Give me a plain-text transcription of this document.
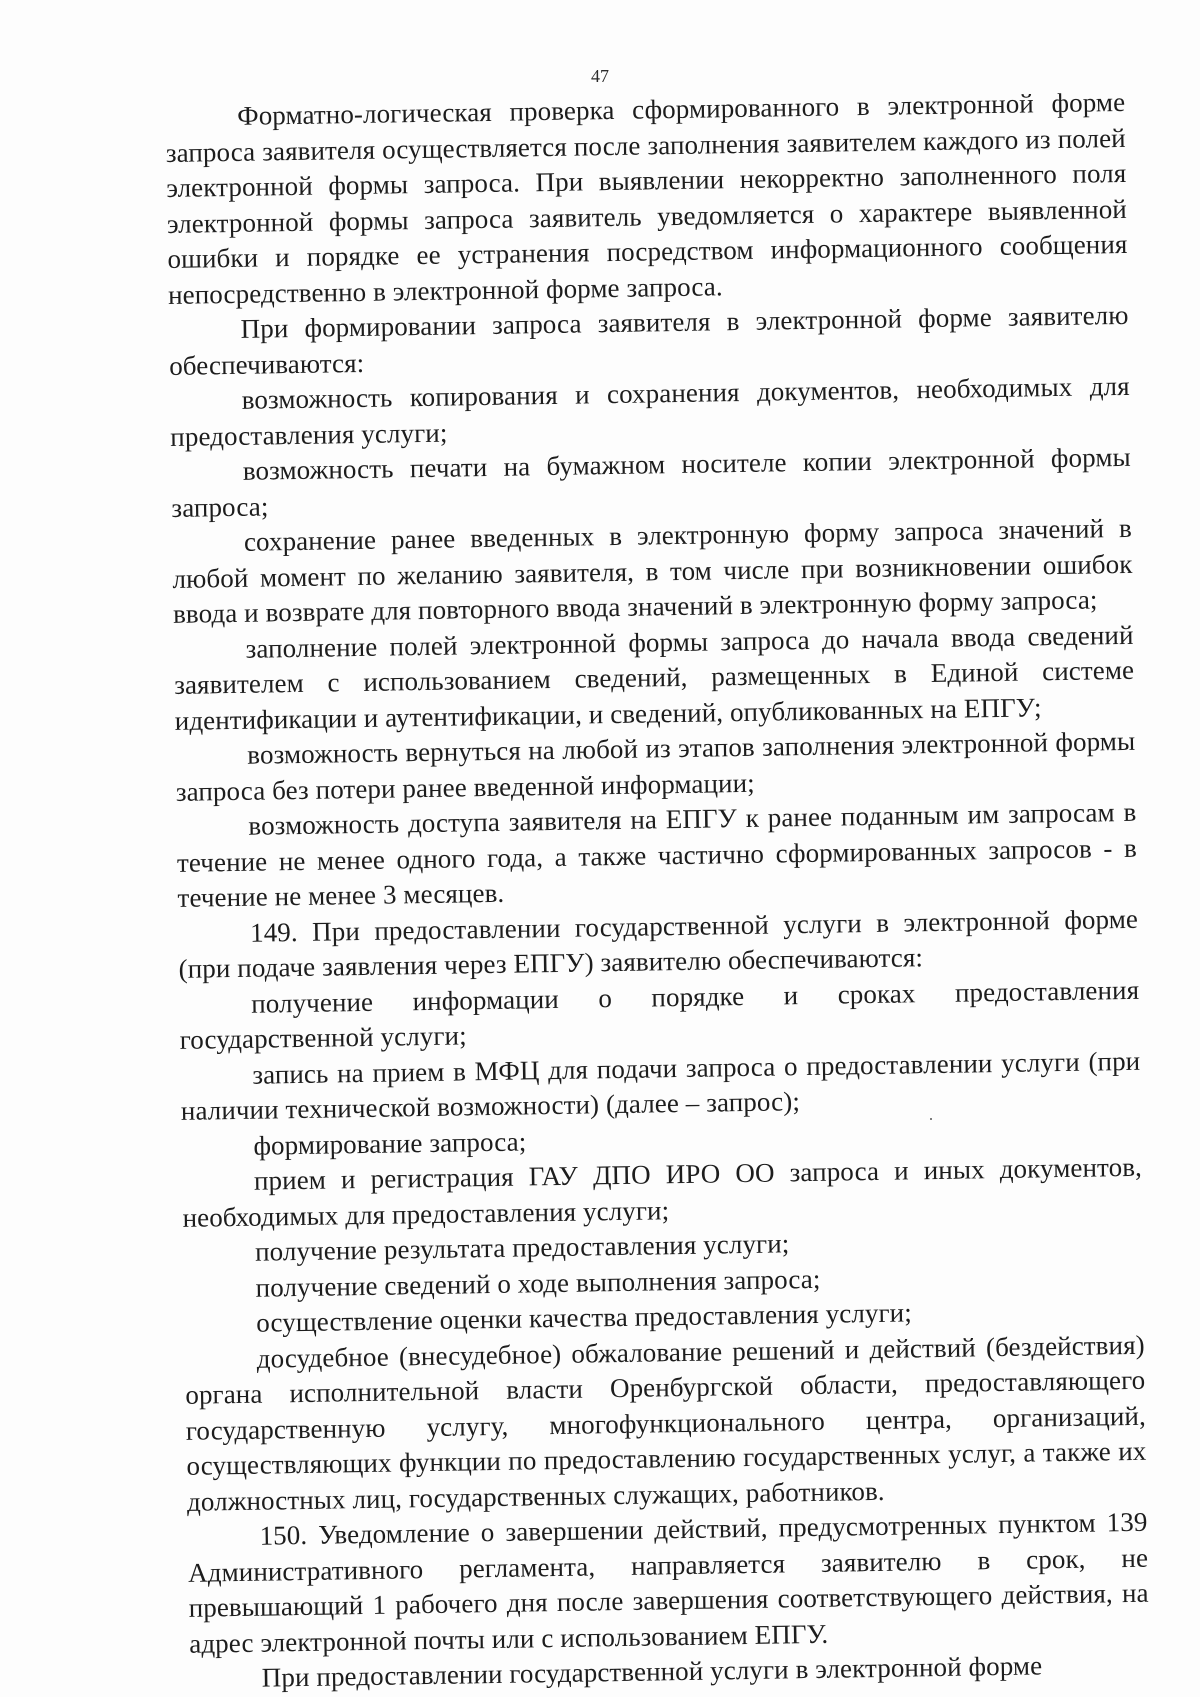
47

Форматно-логическая проверка сформированного в электронной форме запроса заявителя осуществляется после заполнения заявителем каждого из полей электронной формы запроса. При выявлении некорректно заполненного поля электронной формы запроса заявитель уведомляется о характере выявленной ошибки и порядке ее устранения посредством информационного сообщения непосредственно в электронной форме запроса.

При формировании запроса заявителя в электронной форме заявителю обеспечиваются:

возможность копирования и сохранения документов, необходимых для предоставления услуги;

возможность печати на бумажном носителе копии электронной формы запроса;

сохранение ранее введенных в электронную форму запроса значений в любой момент по желанию заявителя, в том числе при возникновении ошибок ввода и возврате для повторного ввода значений в электронную форму запроса;

заполнение полей электронной формы запроса до начала ввода сведений заявителем с использованием сведений, размещенных в Единой системе идентификации и аутентификации, и сведений, опубликованных на ЕПГУ;

возможность вернуться на любой из этапов заполнения электронной формы запроса без потери ранее введенной информации;

возможность доступа заявителя на ЕПГУ к ранее поданным им запросам в течение не менее одного года, а также частично сформированных запросов - в течение не менее 3 месяцев.

149. При предоставлении государственной услуги в электронной форме (при подаче заявления через ЕПГУ) заявителю обеспечиваются:

получение информации о порядке и сроках предоставления государственной услуги;

запись на прием в МФЦ для подачи запроса о предоставлении услуги (при наличии технической возможности) (далее – запрос);

формирование запроса;

прием и регистрация ГАУ ДПО ИРО ОО запроса и иных документов, необходимых для предоставления услуги;

получение результата предоставления услуги;

получение сведений о ходе выполнения запроса;

осуществление оценки качества предоставления услуги;

досудебное (внесудебное) обжалование решений и действий (бездействия) органа исполнительной власти Оренбургской области, предоставляющего государственную услугу, многофункционального центра, организаций, осуществляющих функции по предоставлению государственных услуг, а также их должностных лиц, государственных служащих, работников.

150. Уведомление о завершении действий, предусмотренных пунктом 139 Административного регламента, направляется заявителю в срок, не превышающий 1 рабочего дня после завершения соответствующего действия, на адрес электронной почты или с использованием ЕПГУ.

При предоставлении государственной услуги в электронной форме
